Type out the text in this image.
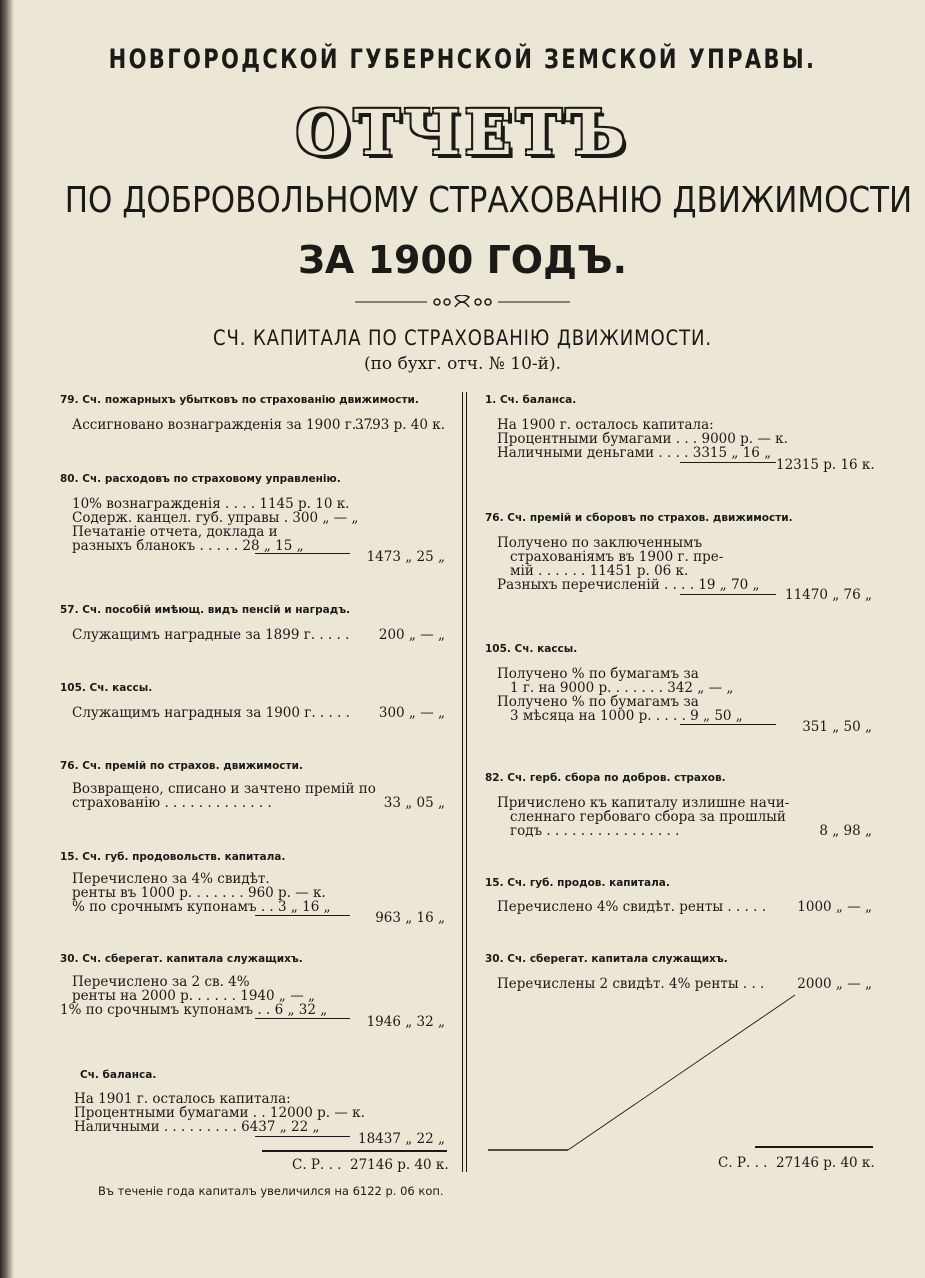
НОВГОРОДСКОЙ ГУБЕРНСКОЙ ЗЕМСКОЙ УПРАВЫ.
ОТЧЕТЪ
ПО ДОБРОВОЛЬНОМУ СТРАХОВАНІЮ ДВИЖИМОСТИ
ЗА 1900 ГОДЪ.
СЧ. КАПИТАЛА ПО СТРАХОВАНІЮ ДВИЖИМОСТИ.
(по бухг. отч. № 10-й).
79. Сч. пожарныхъ убытковъ по страхованію движимости.
Ассигновано вознагражденія за 1900 г. . .
3793 р. 40 к.
80. Сч. расходовъ по страховому управленію.
10% вознагражденія . . . . 1145 р. 10 к.
Содерж. канцел. губ. управы . 300 „ — „
Печатаніе отчета, доклада и
разныхъ бланокъ . . . . . 28 „ 15 „
1473 „ 25 „
57. Сч. пособій имѣющ. видъ пенсій и наградъ.
Служащимъ наградные за 1899 г. . . . .	200 „ — „
105. Сч. кассы.
Служащимъ наградныя за 1900 г. . . . .	300 „ — „
76. Сч. премій по страхов. движимости.
Возвращено, списано и зачтено премій по
страхованію . . . . . . . . . . . . .	33 „ 05 „
15. Сч. губ. продовольств. капитала.
Перечислено за 4% свидѣт.
ренты въ 1000 р. . . . . . . 960 р. — к.
% по срочнымъ купонамъ . . 3 „ 16 „
963 „ 16 „
30. Сч. сберегат. капитала служащихъ.
Перечислено за 2 св. 4%
ренты на 2000 р. . . . . . 1940 „ — „
1% по срочнымъ купонамъ . . 6 „ 32 „
1946 „ 32 „
Сч. баланса.
На 1901 г. осталось капитала:
Процентными бумагами . . 12000 р. — к.
Наличными . . . . . . . . . 6437 „ 22 „
18437 „ 22 „
С. Р. . . 27146 р. 40 к.
Въ теченіе года капиталъ увеличился на 6122 р. 06 коп.
1. Сч. баланса.
На 1900 г. осталось капитала:
Процентными бумагами . . . 9000 р. — к.
Наличными деньгами . . . . 3315 „ 16 „
12315 р. 16 к.
76. Сч. премій и сборовъ по страхов. движимости.
Получено по заключеннымъ
страхованіямъ въ 1900 г. пре-
мій . . . . . . 11451 р. 06 к.
Разныхъ перечисленій . . . . 19 „ 70 „
11470 „ 76 „
105. Сч. кассы.
Получено % по бумагамъ за
1 г. на 9000 р. . . . . . . 342 „ — „
Получено % по бумагамъ за
3 мѣсяца на 1000 р. . . . . 9 „ 50 „
351 „ 50 „
82. Сч. герб. сбора по добров. страхов.
Причислено къ капиталу излишне начи-
сленнаго гербоваго сбора за прошлый
годъ . . . . . . . . . . . . . . . .	8 „ 98 „
15. Сч. губ. продов. капитала.
Перечислено 4% свидѣт. ренты . . . . .	1000 „ — „
30. Сч. сберегат. капитала служащихъ.
Перечислены 2 свидѣт. 4% ренты . . .	2000 „ — „
С. Р. . . 27146 р. 40 к.
